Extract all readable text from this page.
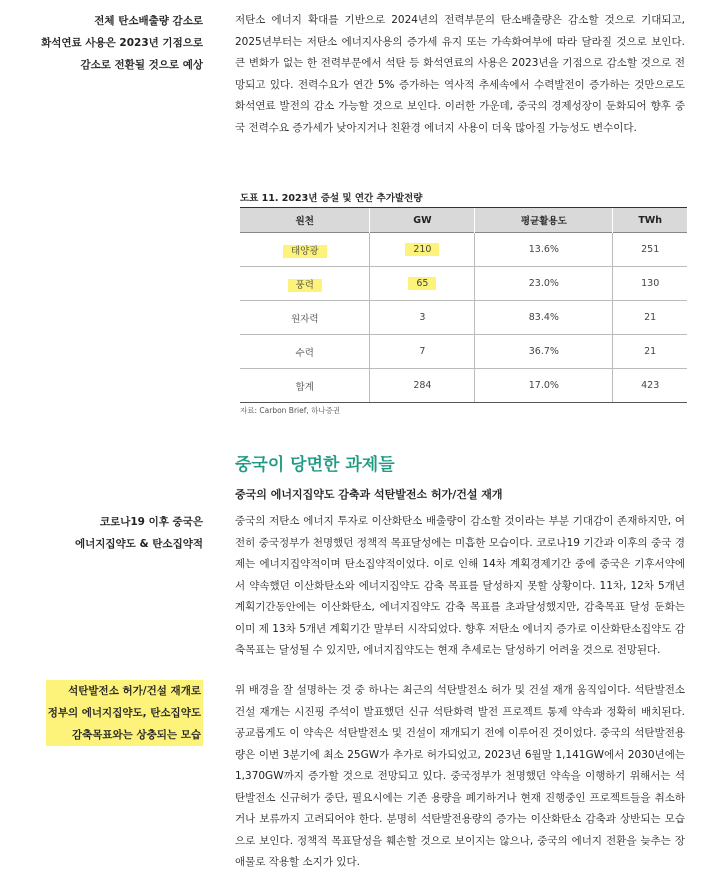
전체 탄소배출량 감소로
화석연료 사용은 2023년 기점으로
감소로 전환될 것으로 예상
저탄소 에너지 확대를 기반으로 2024년의 전력부문의 탄소배출량은 감소할 것으로 기대되고, 2025년부터는 저탄소 에너지사용의 증가세 유지 또는 가속화여부에 따라 달라질 것으로 보인다. 큰 변화가 없는 한 전력부문에서 석탄 등 화석연료의 사용은 2023년을 기점으로 감소할 것으로 전망되고 있다. 전력수요가 연간 5% 증가하는 역사적 추세속에서 수력발전이 증가하는 것만으로도 화석연료 발전의 감소 가능할 것으로 보인다. 이러한 가운데, 중국의 경제성장이 둔화되어 향후 중국 전력수요 증가세가 낮아지거나 친환경 에너지 사용이 더욱 많아질 가능성도 변수이다.
도표 11. 2023년 증설 및 연간 추가발전량
원천	GW	평균활용도	TWh
태양광	210	13.6%	251
풍력	65	23.0%	130
원자력	3	83.4%	21
수력	7	36.7%	21
합계	284	17.0%	423
자료: Carbon Brief, 하나증권
중국이 당면한 과제들
중국의 에너지집약도 감축과 석탄발전소 허가/건설 재개
코로나19 이후 중국은
에너지집약도 & 탄소집약적
중국의 저탄소 에너지 투자로 이산화탄소 배출량이 감소할 것이라는 부분 기대감이 존재하지만, 여전히 중국정부가 천명했던 정책적 목표달성에는 미흡한 모습이다. 코로나19 기간과 이후의 중국 경제는 에너지집약적이며 탄소집약적이었다. 이로 인해 14차 계획경제기간 중에 중국은 기후서약에서 약속했던 이산화탄소와 에너지집약도 감축 목표를 달성하지 못할 상황이다. 11차, 12차 5개년 계획기간동안에는 이산화탄소, 에너지집약도 감축 목표를 초과달성했지만, 감축목표 달성 둔화는 이미 제 13차 5개년 계획기간 말부터 시작되었다. 향후 저탄소 에너지 증가로 이산화탄소집약도 감축목표는 달성될 수 있지만, 에너지집약도는 현재 추세로는 달성하기 어려울 것으로 전망된다.
석탄발전소 허가/건설 재개로
정부의 에너지집약도, 탄소집약도
감축목표와는 상충되는 모습
위 배경을 잘 설명하는 것 중 하나는 최근의 석탄발전소 허가 및 건설 재개 움직임이다. 석탄발전소 건설 재개는 시진핑 주석이 발표했던 신규 석탄화력 발전 프로젝트 통제 약속과 정확히 배치된다. 공교롭게도 이 약속은 석탄발전소 및 건설이 재개되기 전에 이루어진 것이었다. 중국의 석탄발전용량은 이번 3분기에 최소 25GW가 추가로 허가되었고, 2023년 6월말 1,141GW에서 2030년에는 1,370GW까지 증가할 것으로 전망되고 있다. 중국정부가 천명했던 약속을 이행하기 위해서는 석탄발전소 신규허가 중단, 필요시에는 기존 용량을 폐기하거나 현재 진행중인 프로젝트들을 취소하거나 보류까지 고려되어야 한다. 분명히 석탄발전용량의 증가는 이산화탄소 감축과 상반되는 모습으로 보인다. 정책적 목표달성을 훼손할 것으로 보이지는 않으나, 중국의 에너지 전환을 늦추는 장애물로 작용할 소지가 있다.
